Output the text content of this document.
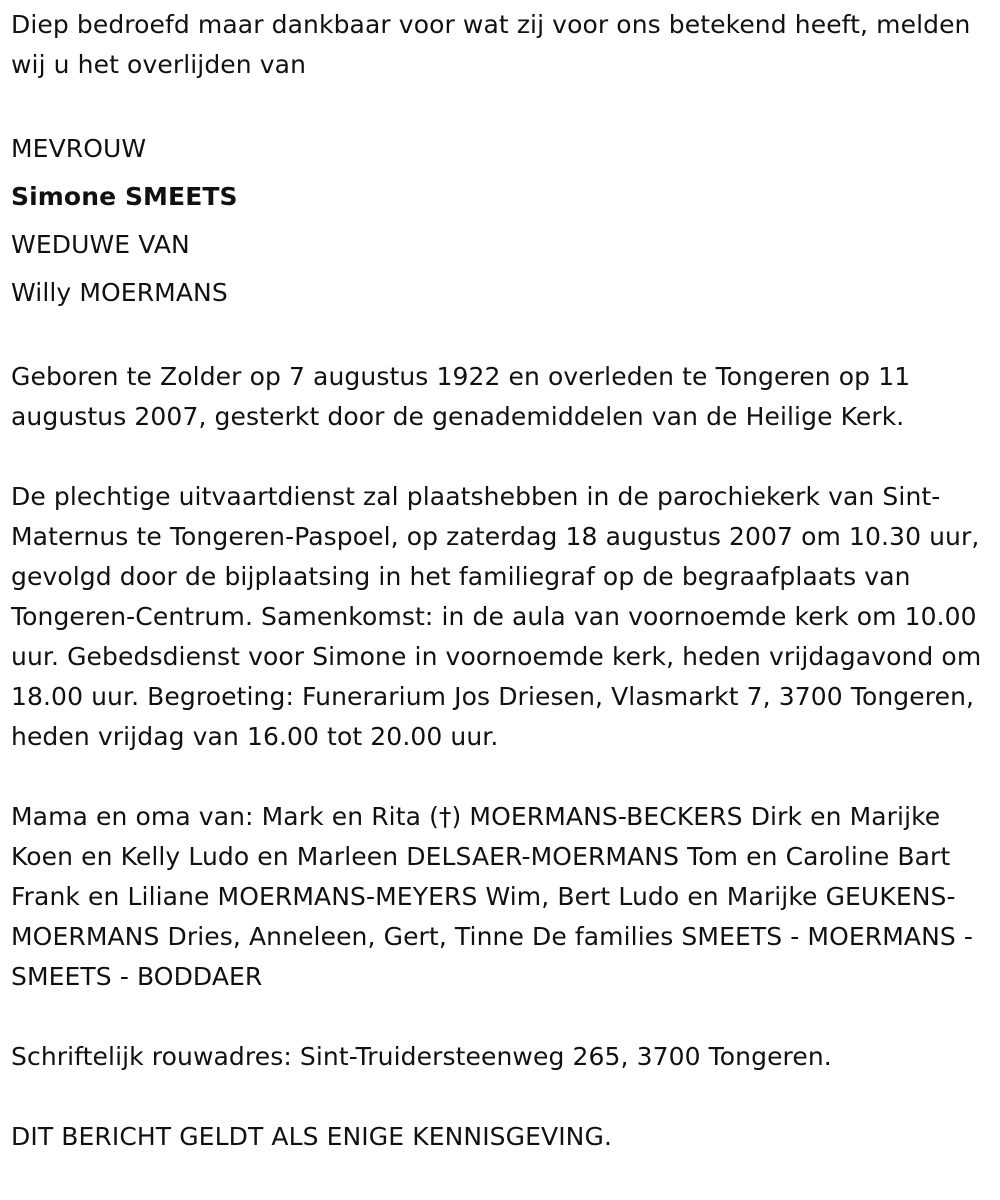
Diep bedroefd maar dankbaar voor wat zij voor ons betekend heeft, melden wij u het overlijden van

MEVROUW

Simone SMEETS

WEDUWE VAN

Willy MOERMANS

Geboren te Zolder op 7 augustus 1922 en overleden te Tongeren op 11 augustus 2007, gesterkt door de genademiddelen van de Heilige Kerk.

De plechtige uitvaartdienst zal plaatshebben in de parochiekerk van Sint-Maternus te Tongeren-Paspoel, op zaterdag 18 augustus 2007 om 10.30 uur, gevolgd door de bijplaatsing in het familiegraf op de begraafplaats van Tongeren-Centrum. Samenkomst: in de aula van voornoemde kerk om 10.00 uur. Gebedsdienst voor Simone in voornoemde kerk, heden vrijdagavond om 18.00 uur. Begroeting: Funerarium Jos Driesen, Vlasmarkt 7, 3700 Tongeren, heden vrijdag van 16.00 tot 20.00 uur.

Mama en oma van: Mark en Rita (†) MOERMANS-BECKERS Dirk en Marijke Koen en Kelly Ludo en Marleen DELSAER-MOERMANS Tom en Caroline Bart Frank en Liliane MOERMANS-MEYERS Wim, Bert Ludo en Marijke GEUKENS-MOERMANS Dries, Anneleen, Gert, Tinne De families SMEETS - MOERMANS - SMEETS - BODDAER

Schriftelijk rouwadres: Sint-Truidersteenweg 265, 3700 Tongeren.

DIT BERICHT GELDT ALS ENIGE KENNISGEVING.
